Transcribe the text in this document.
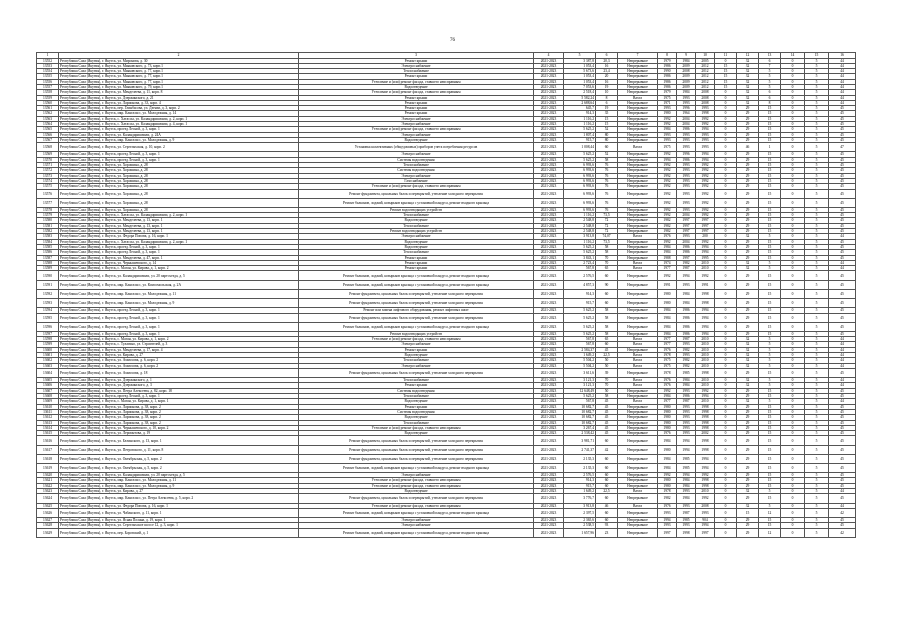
76
1	2	3	4	5	6	7	8	9	10	11	12	13	14	15	16
13552	Республика Саха (Якутия), г. Якутск, ул. Миронова, д. 30	Ремонт крыши	2021-2023	3 387,8	20,3	Непрерывное	1979	1984	2005	0	32	6	0	5	44
13553	Республика Саха (Якутия), г. Якутск, ул. Маяковского, д. 73, корп.1	Электроснабжение	2021-2023	1 053,4	16	Непрерывное	1986	2009	2012	15	32	7	0	5	44
13554	Республика Саха (Якутия), г. Якутск, ул. Маяковского, д. 77, корп.1	Теплоснабжение	2021-2023	5 673,6	23,4	Непрерывное	1990	2008	2012	15	32	5	0	5	44
13555	Республика Саха (Якутия), г. Якутск, ул. Маяковского, д. 77, корп.1	Ремонт крыши	2021-2023	1 053,4	20	Непрерывное	1986	2009	2012	15	32	5	0	5	44
13556	Республика Саха (Якутия), г. Якутск, ул. Маяковского, д. 77, корп.1	Утепление и (или) ремонт фасада, ставшего неисправным	2021-2023	1 053,4	16	Непрерывное	1986	2009	2012	15	32	5	0	5	44
13557	Республика Саха (Якутия), г. Якутск, ул. Маяковского, д. 79, корп.1	Водоотведение	2021-2023	7 053,6	19	Непрерывное	1986	2009	2012	15	32	5	0	5	44
13558	Республика Саха (Якутия), г. Якутск, ул. Менделеева, д. 11, корп. 8	Утепление и (или) ремонт фасада, ставшего неисправным	2021-2023	2 518,4	10	Непрерывное	1979	1984	2008	0	32	6	0	5	44
13559	Республика Саха (Якутия), г. Якутск, ул. Дзержинского, д. 21	Ремонт крыши	2021-2023	5 582,24	8	Вахта	1975	1993	2008	0	32	6	0	5	44
13560	Республика Саха (Якутия), г. Якутск, ул. Ларионова, д. 33, корп. 4	Ремонт крыши	2021-2023	2 688,64	6	Непрерывное	1971	1993	2008	0	32	8	0	5	44
13561	Республика Саха (Якутия), г. Якутск, пер. Глинбасова, ул. Дзензи, д. 3, корп. 2	Ремонт крыши	2021-2023	645,7	19	Непрерывное	1993	1996	1993	0	29	15	0	5	45
13562	Республика Саха (Якутия), г. Якутск, мкр. Кангаласс, ул. Молодежная, д. 14	Ремонт крыши	2021-2023	914,3	35	Непрерывное	1980	1964	1998	0	29	15	0	5	45
13563	Республика Саха (Якутия), г. Якутск, с. Хатассы, ул. Каландаришвили, д. 2, корп. 1	Электроснабжение	2021-2023	1 116,2	15	Непрерывное	1992	2004	1992	0	29	15	0	5	45
13564	Республика Саха (Якутия), г. Якутск, с. Хатассы, ул. Каландаришвили, д. 4, корп. 1	Электроснабжение	2021-2023	1 116,2	15	Непрерывное	1992	2004	1992	0	29	15	0	5	45
13565	Республика Саха (Якутия), г. Якутск, проезд Лесной, д. 3, корп. 1	Утепление и (или) ремонт фасада, ставшего неисправным	2021-2023	5 625,2	52	Непрерывное	1984	1986	1994	0	29	15	0	5	45
13566	Республика Саха (Якутия), г. Якутск, ул. Каландаришвили, д. 24А	Электроснабжение	2021-2023	1 807,4	80	Непрерывное	1993	1993	1993	0	29	15	0	5	45
13567	Республика Саха (Якутия), г. Якутск, мкр. Кангаласс, ул. Молодежная, д. 9	Водоотведение	2021-2023	915,7	80	Непрерывное	1993	1993	1993	0	29	15	0	5	45
13568	Республика Саха (Якутия), г. Якутск, ул. Сергеляхская, д. 10, корп. 2	Установка коллективных (общедомовых) приборов учета потребления ресурсов	2021-2023	1 008,44	60	Вахта	1975	1993	1993	0	46	1	0	5	47
13569	Республика Саха (Якутия), г. Якутск, проезд Лесной, д. 3, корп. 1	Электроснабжение	2021-2023	5 625,2	52	Непрерывное	1992	1996	1994	0	29	15	0	5	45
13570	Республика Саха (Якутия), г. Якутск, проезд Лесной, д. 3, корп. 1	Системы водоотведения	2021-2023	5 625,2	58	Непрерывное	1994	1986	1994	0	29	15	0	5	45
13571	Республика Саха (Якутия), г. Якутск, ул. Хорошина, д. 28	Теплоснабжение	2021-2023	6 993,6	76	Непрерывное	1992	1993	1992	0	29	15	0	5	45
13572	Республика Саха (Якутия), г. Якутск, ул. Хорошина, д. 28	Системы водоотведения	2021-2023	6 993,6	76	Непрерывное	1992	1993	1992	0	29	15	0	5	45
13573	Республика Саха (Якутия), г. Якутск, ул. Хорошина, д. 28	Электроснабжение	2021-2023	6 993,6	76	Непрерывное	1992	1993	1992	0	29	15	0	5	45
13574	Республика Саха (Якутия), г. Якутск, ул. Хорошина, д. 28	Газоснабжение	2021-2023	6 993,6	76	Непрерывное	1992	1993	1992	0	29	15	0	5	45
13575	Республика Саха (Якутия), г. Якутск, ул. Хорошина, д. 28	Утепление и (или) ремонт фасада, ставшего неисправным	2021-2023	6 993,6	76	Непрерывное	1992	1993	1992	0	29	15	0	5	45
13576	Республика Саха (Якутия), г. Якутск, ул. Хорошина, д. 28	Ремонт фундамента, цокольных балок и перекрытий, утепление холодного перекрытия	2021-2023	6 993,6	76	Непрерывное	1992	1993	1992	0	29	15	0	5	45
13577	Республика Саха (Якутия), г. Якутск, ул. Хорошина, д. 28	Ремонт балконов, лоджий, козырьков крыльца с установкой пандуса, ремонт входного крыльца	2021-2023	6 993,6	76	Непрерывное	1992	1993	1992	0	29	15	0	5	45
13578	Республика Саха (Якутия), г. Якутск, ул. Хорошина, д. 28	Ремонт водоотводящих устройств	2021-2023	6 993,6	76	Непрерывное	1992	1993	1992	0	29	15	0	5	45
13579	Республика Саха (Якутия), г. Якутск, с. Хатассы, ул. Каландаришвили, д. 2, корп. 1	Теплоснабжение	2021-2023	1 116,2	73,5	Непрерывное	1992	2004	1992	0	29	15	0	5	45
13580	Республика Саха (Якутия), г. Якутск, ул. Менделеева, д. 13, корп. 1	Водоотведение	2021-2023	2 548,8	72	Непрерывное	1982	1997	1997	0	29	15	0	5	45
13581	Республика Саха (Якутия), г. Якутск, ул. Менделеева, д. 13, корп. 1	Теплоснабжение	2021-2023	2 548,8	72	Непрерывное	1982	1997	1997	0	29	15	0	5	45
13582	Республика Саха (Якутия), г. Якутск, ул. Менделеева, д. 13, корп. 1	Ремонт водоотводящих устройств	2021-2023	2 548,8	72	Непрерывное	1982	1997	1997	0	29	15	0	5	45
13583	Республика Саха (Якутия), г. Якутск, ул. Федора Попова, д. 16, корп. 1	Электроснабжение	2021-2023	3 913,8	74,07	Вахта	1976	1993	200	0	32	5	0	5	44
13584	Республика Саха (Якутия), г. Якутск, с. Хатассы, ул. Каландаришвили, д. 2, корп. 1	Водоотведение	2021-2023	1 116,2	73,5	Непрерывное	1992	2004	1992	0	29	15	0	5	45
13585	Республика Саха (Якутия), г. Якутск, проезд Лесной, д. 3, корп. 1	Водоотведение	2021-2023	5 625,2	58	Непрерывное	1984	1986	1994	0	29	15	0	5	45
13586	Республика Саха (Якутия), г. Якутск, проезд Лесной, д. 3, корп. 1	Теплоснабжение	2021-2023	5 625,2	58	Непрерывное	1984	1986	1994	0	29	15	0	5	45
13587	Республика Саха (Якутия), г. Якутск, ул. Менделеева, д. 47, корп. 1	Ремонт крыши	2021-2023	3 843,1	70	Непрерывное	1988	1997	1995	0	29	15	0	5	45
13588	Республика Саха (Якутия), г. Якутск, ул. Чернышевского, д. 14	Ремонт крыши	2021-2023	2 723,4	70	Вахта	1974	1982	2010	0	32	5	0	5	44
13589	Республика Саха (Якутия), г. Якутск, с. Маган, ул. Кирова, д. 1, корп. 2	Ремонт крыши	2021-2023	567,8	65	Вахта	1977	1987	2010	0	32	5	0	5	44
13590	Республика Саха (Якутия), г. Якутск, ул. Каландаришвили, ул. 20 партсъезда, д. 5	Ремонт балконов, лоджий, козырьков крыльца с установкой пандуса, ремонт входного крыльца	2021-2023	2 576,5	60	Непрерывное	1992	1994	1992	0	29	15	0	5	45
13591	Республика Саха (Якутия), г. Якутск, мкр. Кангаласс, ул. Комсомольская, д. 2А	Ремонт балконов, лоджий, козырьков крыльца с установкой пандуса, ремонт входного крыльца	2021-2023	4 857,3	90	Непрерывное	1991	1993	1991	0	29	15	0	5	45
13592	Республика Саха (Якутия), г. Якутск, мкр. Кангаласс, ул. Молодежная, д. 11	Ремонт фундамента, цокольных балок и перекрытий, утепление холодного перекрытия	2021-2023	914,3	60	Непрерывное	1980	1984	1998	0	29	15	0	5	45
13593	Республика Саха (Якутия), г. Якутск, мкр. Кангаласс, ул. Молодежная, д. 9	Ремонт фундамента, цокольных балок и перекрытий, утепление холодного перекрытия	2021-2023	915,7	60	Непрерывное	1980	1984	1998	0	29	15	0	5	45
13594	Республика Саха (Якутия), г. Якутск, проезд Лесной, д. 3, корп. 1	Ремонт или замена лифтового оборудования, ремонт лифтовых шахт	2021-2023	5 625,2	58	Непрерывное	1984	1986	1994	0	29	15	0	5	45
13595	Республика Саха (Якутия), г. Якутск, проезд Лесной, д. 3, корп. 1	Ремонт фундамента, цокольных балок и перекрытий, утепление холодного перекрытия	2021-2023	5 625,2	58	Непрерывное	1984	1986	1994	0	29	15	0	5	45
13596	Республика Саха (Якутия), г. Якутск, проезд Лесной, д. 3, корп. 1	Ремонт балконов, лоджий, козырьков крыльца с установкой пандуса, ремонт входного крыльца	2021-2023	5 625,2	58	Непрерывное	1984	1986	1994	0	29	15	0	5	45
13597	Республика Саха (Якутия), г. Якутск, проезд Лесной, д. 3, корп. 1	Ремонт водоотводящих устройств	2021-2023	5 625,2	58	Непрерывное	1984	1986	1994	0	29	15	0	5	45
13598	Республика Саха (Якутия), г. Якутск, с. Маган, ул. Кирова, д. 1, корп. 2	Утепление и (или) ремонт фасада, ставшего неисправным	2021-2023	567,8	65	Вахта	1977	1987	2010	0	32	5	0	5	44
13599	Республика Саха (Якутия), г. Якутск, с. Тулагино, ул. Строителей, д. 3	Электроснабжение	2021-2023	567,8	60	Вахта	1977	1993	2010	0	32	5	0	5	44
13600	Республика Саха (Якутия), г. Якутск, ул. Менделеева, д. 17, корп. 4	Ремонт крыши	2021-2023	2 584,37	45	Непрерывное	1976	1982	2010	0	32	5	0	5	44
13601	Республика Саха (Якутия), г. Якутск, ул. Кирова, д. 27	Водоотведение	2021-2023	1 649,2	22,5	Вахта	1978	1993	2010	0	32	5	0	5	44
13602	Республика Саха (Якутия), г. Якутск, ул. Аммосова, д. 6, корп. 2	Теплоснабжение	2021-2023	5 504,2	50	Вахта	1975	1982	2010	0	32	5	0	5	44
13603	Республика Саха (Якутия), г. Якутск, ул. Аммосова, д. 6, корп. 2	Электроснабжение	2021-2023	5 504,2	50	Вахта	1975	1982	2010	0	32	5	0	5	44
13604	Республика Саха (Якутия), г. Якутск, ул. Аммосова, д. 18	Ремонт фундамента, цокольных балок и перекрытий, утепление холодного перекрытия	2021-2023	3 611,6	39	Непрерывное	1978	1985	1998	0	29	15	0	5	45
13605	Республика Саха (Якутия), г. Якутск, ул. Дзержинского, д. 1	Теплоснабжение	2021-2023	3 121,3	70	Вахта	1976	1984	2010	0	32	5	0	5	44
13606	Республика Саха (Якутия), г. Якутск, ул. Дзержинского, д. 3	Ремонт крыши	2021-2023	3 121,3	70	Вахта	1976	1984	2010	0	32	5	0	5	44
13607	Республика Саха (Якутия), г. Якутск, ул. Петра Алексеева, д. 82, корп. 18	Системы водоотведения	2021-2023	12 648,49	50	Непрерывное	1992	1993	1992	0	29	15	0	5	45
13608	Республика Саха (Якутия), г. Якутск, проезд Лесной, д. 3, корп. 1	Теплоснабжение	2021-2023	5 625,2	58	Непрерывное	1984	1986	1994	0	29	15	0	5	45
13609	Республика Саха (Якутия), г. Якутск, с. Маган, ул. Кирова, д. 1, корп. 1	Водоотведение	2021-2023	567,8	45	Вахта	1977	1987	2010	0	32	5	0	5	44
13610	Республика Саха (Якутия), г. Якутск, ул. Ларионова, д. 38, корп. 2	Ремонт крыши	2021-2023	10 682,7	45	Непрерывное	1980	1993	1998	0	29	15	0	5	45
13611	Республика Саха (Якутия), г. Якутск, ул. Ларионова, д. 38, корп. 2	Системы водоотведения	2021-2023	10 682,7	45	Непрерывное	1980	1993	1998	0	29	15	0	5	45
13612	Республика Саха (Якутия), г. Якутск, ул. Ларионова, д. 38, корп. 2	Водоотведение	2021-2023	10 682,7	45	Непрерывное	1980	1993	1998	0	29	15	0	5	45
13613	Республика Саха (Якутия), г. Якутск, ул. Ларионова, д. 38, корп. 2	Теплоснабжение	2021-2023	10 682,7	45	Непрерывное	1980	1993	1998	0	29	15	0	5	45
13614	Республика Саха (Якутия), г. Якутск, ул. Чернышевского, д. 10, корп. 2	Утепление и (или) ремонт фасада, ставшего неисправным	2021-2023	3 267,4	45	Непрерывное	1980	1993	1998	0	29	15	0	5	45
13615	Республика Саха (Якутия), г. Якутск, ул. Лермонтова, д. 19	Водоотведение	2021-2023	2 538,42	45	Непрерывное	1976	1993	2002	0	29	15	0	5	45
13616	Республика Саха (Якутия), г. Якутск, ул. Белинского, д. 13, корп. 1	Ремонт фундамента, цокольных балок и перекрытий, утепление холодного перекрытия	2021-2023	3 981,71	60	Непрерывное	1984	1994	1998	0	29	15	0	5	45
13617	Республика Саха (Якутия), г. Якутск, ул. Петровского, д. 11, корп. 8	Ремонт фундамента, цокольных балок и перекрытий, утепление холодного перекрытия	2021-2023	2 741,37	42	Непрерывное	1980	1994	1998	0	29	15	0	5	45
13618	Республика Саха (Якутия), г. Якутск, ул. Октябрьская, д. 5, корп. 2	Ремонт фундамента, цокольных балок и перекрытий, утепление холодного перекрытия	2021-2023	2 135,3	60	Непрерывное	1984	1985	1994	0	29	15	0	5	45
13619	Республика Саха (Якутия), г. Якутск, ул. Октябрьская, д. 5, корп. 2	Ремонт балконов, лоджий, козырьков крыльца с установкой пандуса, ремонт входного крыльца	2021-2023	2 135,3	60	Непрерывное	1984	1985	1994	0	29	15	0	5	45
13620	Республика Саха (Якутия), г. Якутск, ул. Каландаришвили, ул. 20 партсъезда, д. 5	Электроснабжение	2021-2023	2 576,5	60	Непрерывное	1992	1994	1992	0	29	15	0	5	45
13621	Республика Саха (Якутия), г. Якутск, мкр. Кангаласс, ул. Молодежная, д. 11	Утепление и (или) ремонт фасада, ставшего неисправным	2021-2023	914,3	60	Непрерывное	1980	1984	1998	0	29	15	0	5	45
13622	Республика Саха (Якутия), г. Якутск, мкр. Кангаласс, ул. Молодежная, д. 9	Утепление и (или) ремонт фасада, ставшего неисправным	2021-2023	915,7	60	Непрерывное	1980	1984	1998	0	29	15	0	5	45
13623	Республика Саха (Якутия), г. Якутск, ул. Кирова, д. 27	Водоотведение	2021-2023	1 649,2	22,5	Вахта	1978	1993	2010	0	32	5	0	5	44
13624	Республика Саха (Якутия), г. Якутск, мкр. Кангаласс, ул. Петра Алексеева, д. 5, корп. 2	Ремонт фундамента, цокольных балок и перекрытий, утепление холодного перекрытия	2021-2023	3 776,7	60	Непрерывное	1982	1984	1992	0	29	15	0	5	45
13625	Республика Саха (Якутия), г. Якутск, ул. Федора Попова, д. 16, корп. 1	Утепление и (или) ремонт фасада, ставшего неисправным	2021-2023	3 913,8	46	Вахта	1976	1993	2008	0	32	5	0	5	44
13626	Республика Саха (Якутия), г. Якутск, ул. Чабанского, д. 11, корп. 1	Ремонт балконов, лоджий, козырьков крыльца с установкой пандуса, ремонт входного крыльца	2021-2023	2 397,5	60	Непрерывное	1993	1987	1993	0	15	12	0	5	42
13627	Республика Саха (Якутия), г. Якутск, ул. Ясная Поляна, д. 19, корп. 1	Электроснабжение	2021-2023	2 365,6	60	Непрерывное	1994	1985	904	0	29	15	0	5	45
13628	Республика Саха (Якутия), г. Якутск, ул. Сергеляхское шоссе 12, д. 3, корп. 1	Электроснабжение	2021-2023	2 538,5	93	Непрерывное	1993	1993	1994	0	29	15	0	5	45
13629	Республика Саха (Якутия), г. Якутск, пер. Боровский, д. 1	Ремонт балконов, лоджий, козырьков крыльца с установкой пандуса, ремонт входного крыльца	2021-2023	1 657,96	23	Непрерывное	1997	1998	1997	0	29	12	0	5	42
